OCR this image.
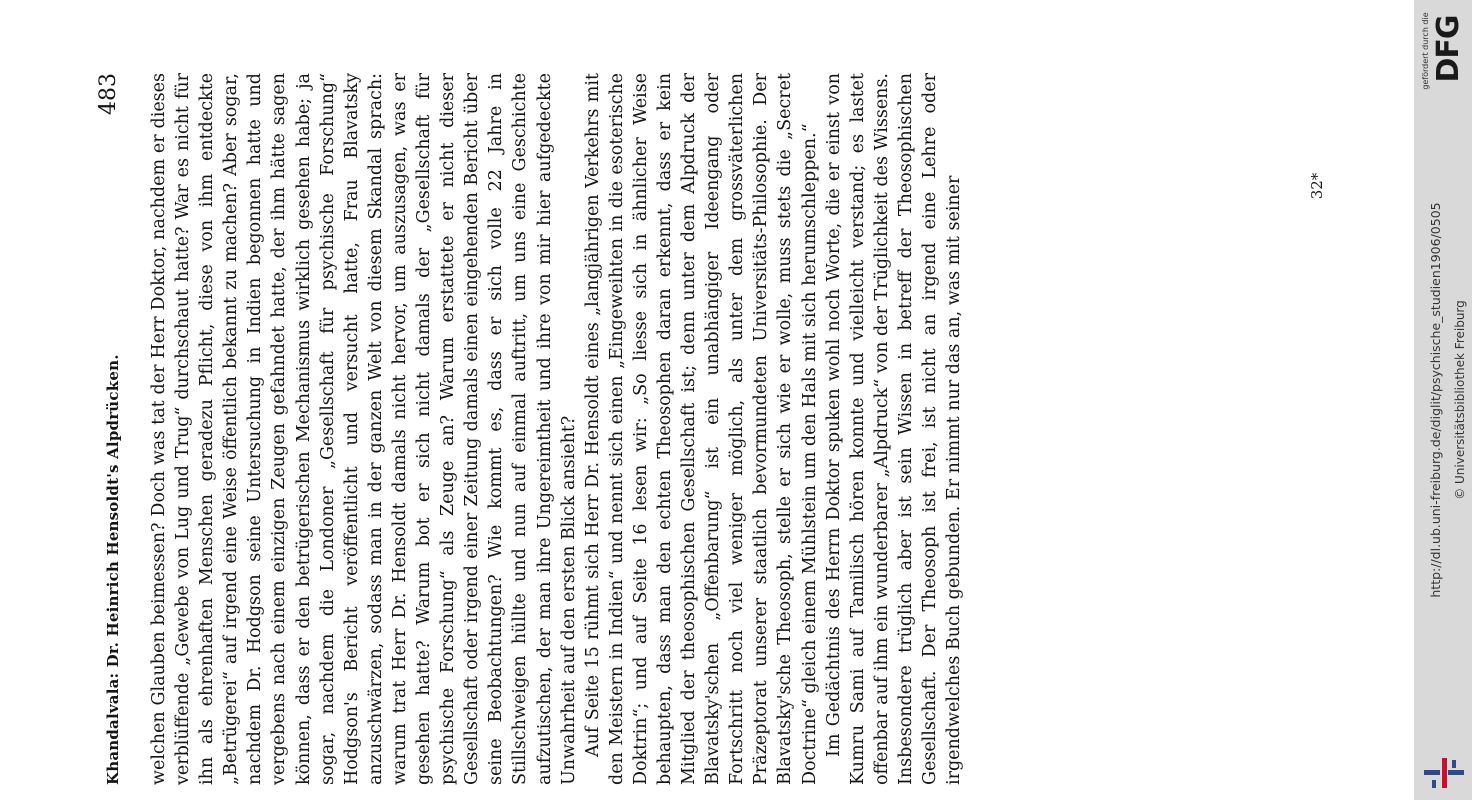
Khandalvala: Dr. Heinrich Hensoldt's Alpdrücken.
483 welchen Glauben beimessen? Doch was tat der Herr Doktor, nachdem er dieses verblüffende „Gewebe von Lug und Trug“ durchschaut hatte? War es nicht für ihn als ehrenhaften Menschen geradezu Pflicht, diese von ihm entdeckte „Betrügerei“ auf irgend eine Weise öffentlich bekannt zu machen? Aber sogar, nachdem Dr. Hodgson seine Untersuchung in Indien begonnen hatte und vergebens nach einem einzigen Zeugen gefahndet hatte, der ihm hätte sagen können, dass er den betrügerischen Mechanismus wirklich gesehen habe; ja sogar, nachdem die Londoner „Gesellschaft für psychische Forschung“ Hodgson's Bericht veröffentlicht und versucht hatte, Frau Blavatsky anzuschwärzen, sodass man in der ganzen Welt von diesem Skandal sprach: warum trat Herr Dr. Hensoldt damals nicht hervor, um auszusagen, was er gesehen hatte? Warum bot er sich nicht damals der „Gesellschaft für psychische Forschung“ als Zeuge an? Warum erstattete er nicht dieser Gesellschaft oder irgend einer Zeitung damals einen eingehenden Bericht über seine Beobachtungen? Wie kommt es, dass er sich volle 22 Jahre in Stillschweigen hüllte und nun auf einmal auftritt, um uns eine Geschichte aufzutischen, der man ihre Ungereimtheit und ihre von mir hier aufgedeckte Unwahrheit auf den ersten Blick ansieht? Auf Seite 15 rühmt sich Herr Dr. Hensoldt eines „langjährigen Verkehrs mit den Meistern in Indien“ und nennt sich einen „Eingeweihten in die esoterische Doktrin“; und auf Seite 16 lesen wir: „So liesse sich in ähnlicher Weise behaupten, dass man den echten Theosophen daran erkennt, dass er kein Mitglied der theosophischen Gesellschaft ist; denn unter dem Alpdruck der Blavatsky'schen „Offenbarung“ ist ein unabhängiger Ideengang oder Fortschritt noch viel weniger möglich, als unter dem grossväterlichen Präzeptorat unserer staatlich bevormundeten Universitäts-Philosophie. Der Blavatsky'sche Theosoph, stelle er sich wie er wolle, muss stets die „Secret Doctrine“ gleich einem Mühlstein um den Hals mit sich herumschleppen.“ Im Gedächtnis des Herrn Doktor spuken wohl noch Worte, die er einst von Kumru Sami auf Tamilisch hören konnte und vielleicht verstand; es lastet offenbar auf ihm ein wunderbarer „Alpdruck“ von der Trüglichkeit des Wissens. Insbesondere trüglich aber ist sein Wissen in betreff der Theosophischen Gesellschaft. Der Theosoph ist frei, ist nicht an irgend eine Lehre oder irgendwelches Buch gebunden. Er nimmt nur das an, was mit seiner	32*
http://dl.ub.uni-freiburg.de/diglit/psychische_studien1906/0505 © Universitätsbibliothek Freiburg
gefördert durch die DFG
